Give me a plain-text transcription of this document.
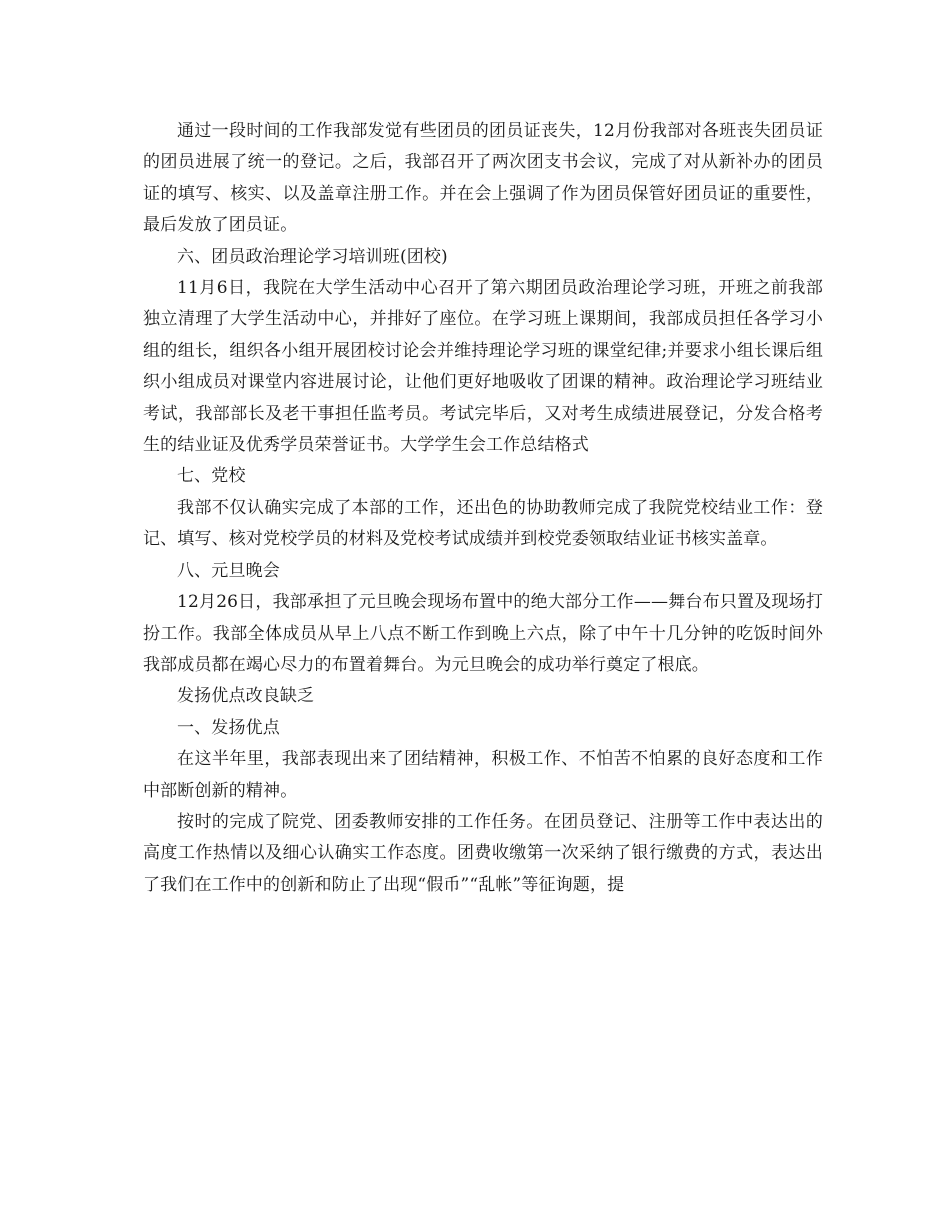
通过一段时间的工作我部发觉有些团员的团员证丧失，12月份我部对各班丧失团员证的团员进展了统一的登记。之后，我部召开了两次团支书会议，完成了对从新补办的团员证的填写、核实、以及盖章注册工作。并在会上强调了作为团员保管好团员证的重要性，最后发放了团员证。

六、团员政治理论学习培训班(团校)

11月6日，我院在大学生活动中心召开了第六期团员政治理论学习班，开班之前我部独立清理了大学生活动中心，并排好了座位。在学习班上课期间，我部成员担任各学习小组的组长，组织各小组开展团校讨论会并维持理论学习班的课堂纪律;并要求小组长课后组织小组成员对课堂内容进展讨论，让他们更好地吸收了团课的精神。政治理论学习班结业考试，我部部长及老干事担任监考员。考试完毕后，又对考生成绩进展登记，分发合格考生的结业证及优秀学员荣誉证书。大学学生会工作总结格式

七、党校

我部不仅认确实完成了本部的工作，还出色的协助教师完成了我院党校结业工作：登记、填写、核对党校学员的材料及党校考试成绩并到校党委领取结业证书核实盖章。

八、元旦晚会

12月26日，我部承担了元旦晚会现场布置中的绝大部分工作——舞台布只置及现场打扮工作。我部全体成员从早上八点不断工作到晚上六点，除了中午十几分钟的吃饭时间外我部成员都在竭心尽力的布置着舞台。为元旦晚会的成功举行奠定了根底。

发扬优点改良缺乏

一、发扬优点

在这半年里，我部表现出来了团结精神，积极工作、不怕苦不怕累的良好态度和工作中部断创新的精神。

按时的完成了院党、团委教师安排的工作任务。在团员登记、注册等工作中表达出的高度工作热情以及细心认确实工作态度。团费收缴第一次采纳了银行缴费的方式，表达出了我们在工作中的创新和防止了出现“假币”“乱帐”等征询题，提
